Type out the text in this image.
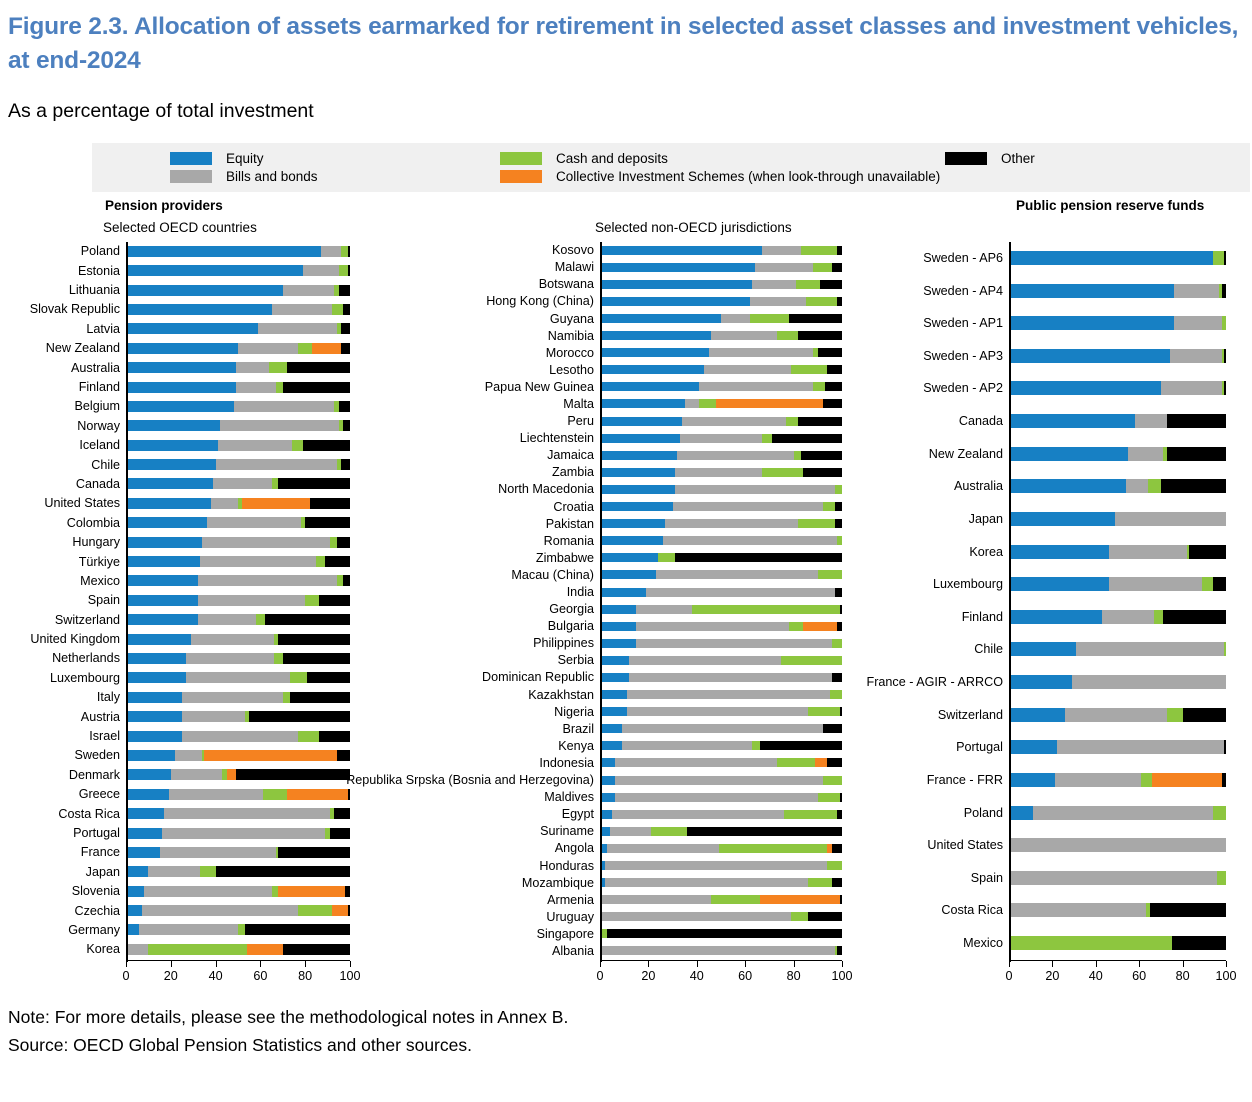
Figure 2.3. Allocation of assets earmarked for retirement in selected asset classes and investment vehicles, at end-2024
As a percentage of total investment
Equity
Bills and bonds
Cash and deposits
Collective Investment Schemes (when look-through unavailable)
Other
Pension providers	Public pension reserve funds
Selected OECD countries	Selected non-OECD jurisdictions
Poland
Estonia
Lithuania
Slovak Republic
Latvia
New Zealand
Australia
Finland
Belgium
Norway
Iceland
Chile
Canada
United States
Colombia
Hungary
Türkiye
Mexico
Spain
Switzerland
United Kingdom
Netherlands
Luxembourg
Italy
Austria
Israel
Sweden
Denmark
Greece
Costa Rica
Portugal
France
Japan
Slovenia
Czechia
Germany
Korea
0	20 40 60 80 100
Kosovo
Malawi
Botswana
Hong Kong (China)
Guyana
Namibia
Morocco
Lesotho
Papua New Guinea
Malta
Peru
Liechtenstein
Jamaica
Zambia
North Macedonia
Croatia
Pakistan
Romania
Zimbabwe
Macau (China)
India
Georgia
Bulgaria
Philippines
Serbia
Dominican Republic
Kazakhstan
Nigeria
Brazil
Kenya
Indonesia
Republika Srpska (Bosnia and Herzegovina)
Maldives
Egypt
Suriname
Angola
Honduras
Mozambique
Armenia
Uruguay
Singapore
Albania
0	20	40	60	80 100
Sweden - AP6
Sweden - AP4
Sweden - AP1
Sweden - AP3
Sweden - AP2
Canada
New Zealand
Australia
Japan
Korea
Luxembourg
Finland
Chile
France - AGIR - ARRCO
Switzerland
Portugal
France - FRR
Poland
United States
Spain
Costa Rica
Mexico
0	20 40 60 80 100
Note: For more details, please see the methodological notes in Annex B.
Source: OECD Global Pension Statistics and other sources.
